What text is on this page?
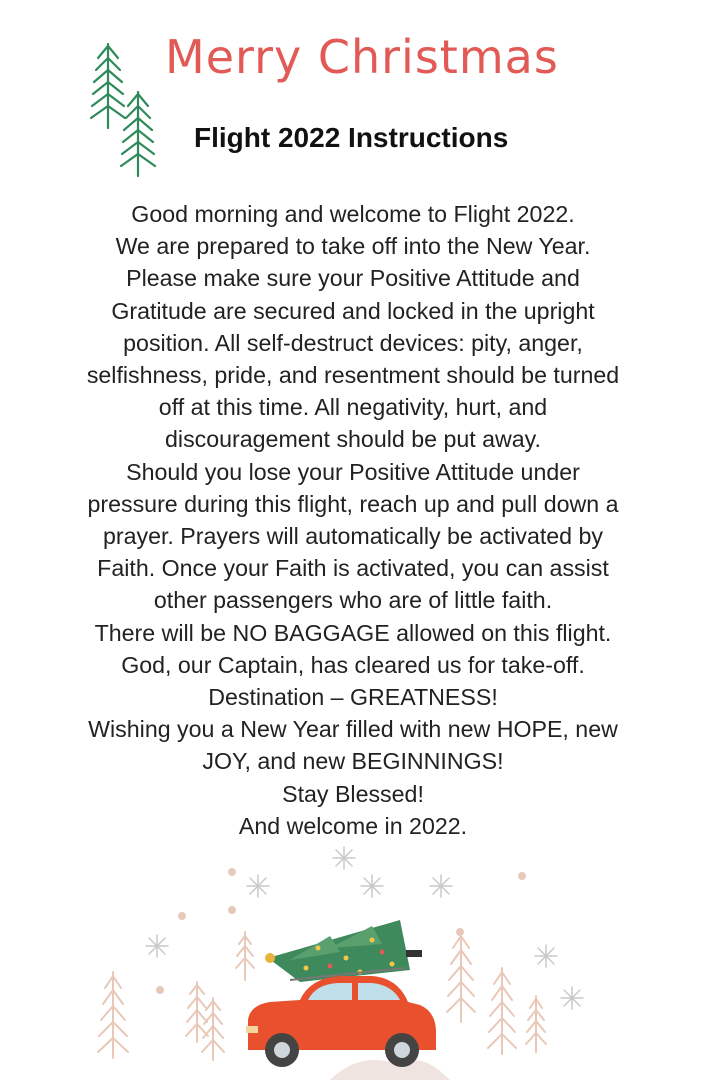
Merry Christmas
Flight 2022 Instructions

Good morning and welcome to Flight 2022.

We are prepared to take off into the New Year.

Please make sure your Positive Attitude and

Gratitude are secured and locked in the upright

position. All self-destruct devices: pity, anger,

selfishness, pride, and resentment should be turned

off at this time. All negativity, hurt, and

discouragement should be put away.

Should you lose your Positive Attitude under

pressure during this flight, reach up and pull down a

prayer. Prayers will automatically be activated by

Faith. Once your Faith is activated, you can assist

other passengers who are of little faith.

There will be NO BAGGAGE allowed on this flight.

God, our Captain, has cleared us for take-off.

Destination – GREATNESS!

Wishing you a New Year filled with new HOPE, new

JOY, and new BEGINNINGS!

Stay Blessed!

And welcome in 2022.
